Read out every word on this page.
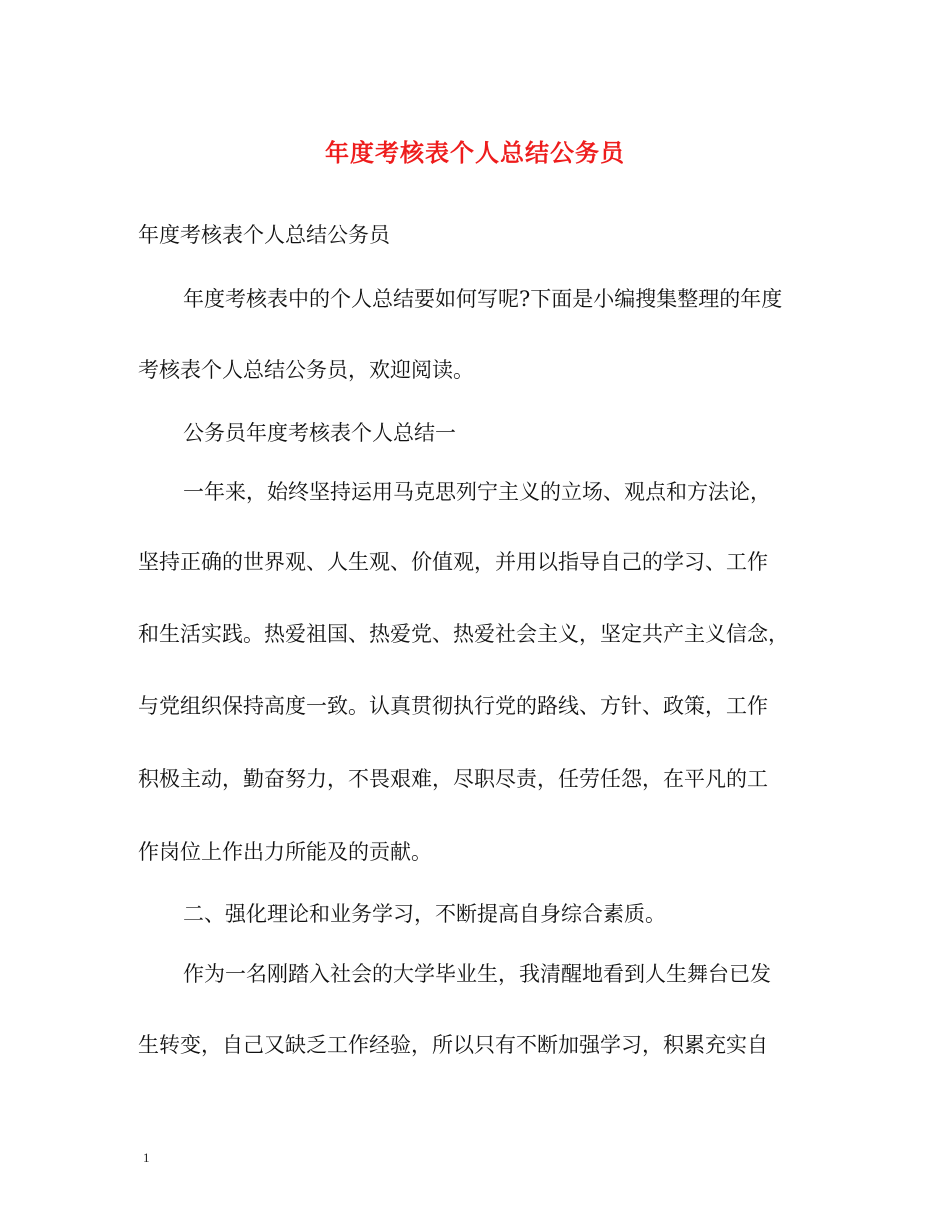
年度考核表个人总结公务员
年度考核表个人总结公务员
年度考核表中的个人总结要如何写呢?下面是小编搜集整理的年度
考核表个人总结公务员，欢迎阅读。
公务员年度考核表个人总结一
一年来，始终坚持运用马克思列宁主义的立场、观点和方法论，
坚持正确的世界观、人生观、价值观，并用以指导自己的学习、工作
和生活实践。热爱祖国、热爱党、热爱社会主义，坚定共产主义信念，
与党组织保持高度一致。认真贯彻执行党的路线、方针、政策，工作
积极主动，勤奋努力，不畏艰难，尽职尽责，任劳任怨，在平凡的工
作岗位上作出力所能及的贡献。
二、强化理论和业务学习，不断提高自身综合素质。
作为一名刚踏入社会的大学毕业生，我清醒地看到人生舞台已发
生转变，自己又缺乏工作经验，所以只有不断加强学习，积累充实自
1
